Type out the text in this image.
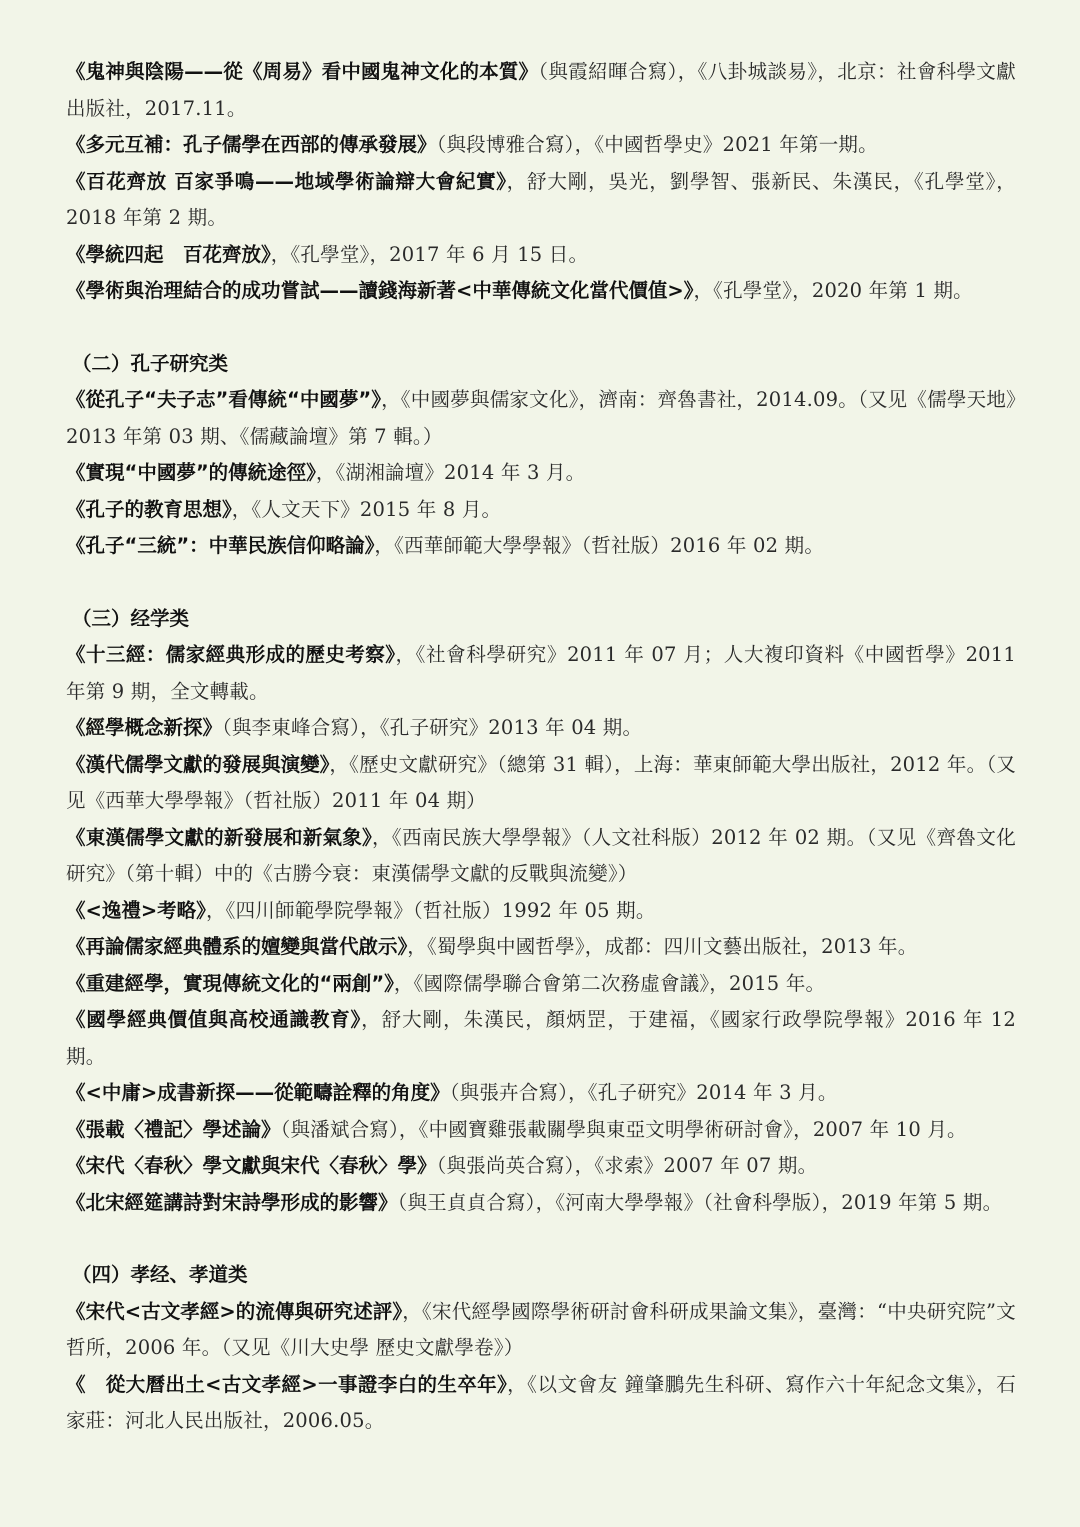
《鬼神與陰陽——從《周易》看中國鬼神文化的本質》（與霞紹暉合寫），《八卦城談易》，北京：社會科學文獻出版社，2017.11。

《多元互補：孔子儒學在西部的傳承發展》（與段博雅合寫），《中國哲學史》2021 年第一期。

《百花齊放 百家爭鳴——地域學術論辯大會紀實》，舒大剛，吳光，劉學智、張新民、朱漢民，《孔學堂》，2018 年第 2 期。

《學統四起　百花齊放》，《孔學堂》，2017 年 6 月 15 日。

《學術與治理結合的成功嘗試——讀錢海新著<中華傳統文化當代價值>》，《孔學堂》，2020 年第 1 期。

（二）孔子研究类

《從孔子“夫子志”看傳統“中國夢”》，《中國夢與儒家文化》，濟南：齊魯書社，2014.09。（又见《儒學天地》2013 年第 03 期、《儒藏論壇》第 7 輯。）

《實現“中國夢”的傳統途徑》，《湖湘論壇》2014 年 3 月。

《孔子的教育思想》，《人文天下》2015 年 8 月。

《孔子“三統”：中華民族信仰略論》，《西華師範大學學報》（哲社版）2016 年 02 期。

（三）经学类

《十三經：儒家經典形成的歷史考察》，《社會科學研究》2011 年 07 月；人大複印資料《中國哲學》2011 年第 9 期，全文轉載。

《經學概念新探》（與李東峰合寫），《孔子研究》2013 年 04 期。

《漢代儒學文獻的發展與演變》，《歷史文獻研究》（總第 31 輯），上海：華東師範大學出版社，2012 年。（又见《西華大學學報》（哲社版）2011 年 04 期）

《東漢儒學文獻的新發展和新氣象》，《西南民族大學學報》（人文社科版）2012 年 02 期。（又见《齊魯文化研究》（第十輯）中的《古勝今衰：東漢儒學文獻的反戰與流變》）

《<逸禮>考略》，《四川師範學院學報》（哲社版）1992 年 05 期。

《再論儒家經典體系的嬗變與當代啟示》，《蜀學與中國哲學》，成都：四川文藝出版社，2013 年。

《重建經學，實現傳統文化的“兩創”》，《國際儒學聯合會第二次務虛會議》，2015 年。

《國學經典價值與高校通識教育》，舒大剛，朱漢民，顏炳罡，于建福，《國家行政學院學報》2016 年 12 期。

《<中庸>成書新探——從範疇詮釋的角度》（與張卉合寫），《孔子研究》2014 年 3 月。

《張載〈禮記〉學述論》（與潘斌合寫），《中國寶雞張載關學與東亞文明學術研討會》，2007 年 10 月。

《宋代〈春秋〉學文獻與宋代〈春秋〉學》（與張尚英合寫），《求索》2007 年 07 期。

《北宋經筵講詩對宋詩學形成的影響》（與王貞貞合寫），《河南大學學報》（社會科學版），2019 年第 5 期。

（四）孝经、孝道类

《宋代<古文孝經>的流傳與研究述評》，《宋代經學國際學術研討會科研成果論文集》，臺灣：“中央研究院”文哲所，2006 年。（又见《川大史學 歷史文獻學卷》）

《　從大曆出土<古文孝經>一事證李白的生卒年》，《以文會友 鐘肇鵬先生科研、寫作六十年紀念文集》，石家莊：河北人民出版社，2006.05。
